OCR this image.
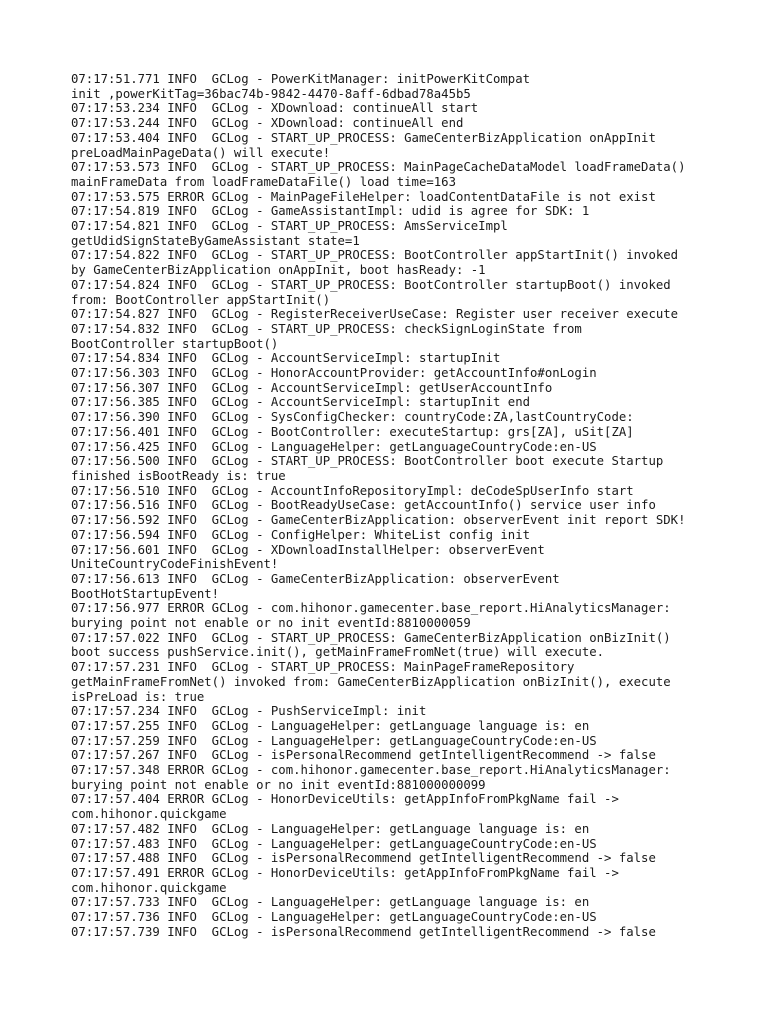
07:17:51.771 INFO  GCLog - PowerKitManager: initPowerKitCompat
init ,powerKitTag=36bac74b-9842-4470-8aff-6dbad78a45b5
07:17:53.234 INFO  GCLog - XDownload: continueAll start
07:17:53.244 INFO  GCLog - XDownload: continueAll end
07:17:53.404 INFO  GCLog - START_UP_PROCESS: GameCenterBizApplication onAppInit
preLoadMainPageData() will execute!
07:17:53.573 INFO  GCLog - START_UP_PROCESS: MainPageCacheDataModel loadFrameData()
mainFrameData from loadFrameDataFile() load time=163
07:17:53.575 ERROR GCLog - MainPageFileHelper: loadContentDataFile is not exist
07:17:54.819 INFO  GCLog - GameAssistantImpl: udid is agree for SDK: 1
07:17:54.821 INFO  GCLog - START_UP_PROCESS: AmsServiceImpl
getUdidSignStateByGameAssistant state=1
07:17:54.822 INFO  GCLog - START_UP_PROCESS: BootController appStartInit() invoked
by GameCenterBizApplication onAppInit, boot hasReady: -1
07:17:54.824 INFO  GCLog - START_UP_PROCESS: BootController startupBoot() invoked
from: BootController appStartInit()
07:17:54.827 INFO  GCLog - RegisterReceiverUseCase: Register user receiver execute
07:17:54.832 INFO  GCLog - START_UP_PROCESS: checkSignLoginState from
BootController startupBoot()
07:17:54.834 INFO  GCLog - AccountServiceImpl: startupInit
07:17:56.303 INFO  GCLog - HonorAccountProvider: getAccountInfo#onLogin
07:17:56.307 INFO  GCLog - AccountServiceImpl: getUserAccountInfo
07:17:56.385 INFO  GCLog - AccountServiceImpl: startupInit end
07:17:56.390 INFO  GCLog - SysConfigChecker: countryCode:ZA,lastCountryCode:
07:17:56.401 INFO  GCLog - BootController: executeStartup: grs[ZA], uSit[ZA]
07:17:56.425 INFO  GCLog - LanguageHelper: getLanguageCountryCode:en-US
07:17:56.500 INFO  GCLog - START_UP_PROCESS: BootController boot execute Startup
finished isBootReady is: true
07:17:56.510 INFO  GCLog - AccountInfoRepositoryImpl: deCodeSpUserInfo start
07:17:56.516 INFO  GCLog - BootReadyUseCase: getAccountInfo() service user info
07:17:56.592 INFO  GCLog - GameCenterBizApplication: observerEvent init report SDK!
07:17:56.594 INFO  GCLog - ConfigHelper: WhiteList config init
07:17:56.601 INFO  GCLog - XDownloadInstallHelper: observerEvent
UniteCountryCodeFinishEvent!
07:17:56.613 INFO  GCLog - GameCenterBizApplication: observerEvent
BootHotStartupEvent!
07:17:56.977 ERROR GCLog - com.hihonor.gamecenter.base_report.HiAnalyticsManager:
burying point not enable or no init eventId:8810000059
07:17:57.022 INFO  GCLog - START_UP_PROCESS: GameCenterBizApplication onBizInit()
boot success pushService.init(), getMainFrameFromNet(true) will execute.
07:17:57.231 INFO  GCLog - START_UP_PROCESS: MainPageFrameRepository
getMainFrameFromNet() invoked from: GameCenterBizApplication onBizInit(), execute
isPreLoad is: true
07:17:57.234 INFO  GCLog - PushServiceImpl: init
07:17:57.255 INFO  GCLog - LanguageHelper: getLanguage language is: en
07:17:57.259 INFO  GCLog - LanguageHelper: getLanguageCountryCode:en-US
07:17:57.267 INFO  GCLog - isPersonalRecommend getIntelligentRecommend -> false
07:17:57.348 ERROR GCLog - com.hihonor.gamecenter.base_report.HiAnalyticsManager:
burying point not enable or no init eventId:881000000099
07:17:57.404 ERROR GCLog - HonorDeviceUtils: getAppInfoFromPkgName fail ->
com.hihonor.quickgame
07:17:57.482 INFO  GCLog - LanguageHelper: getLanguage language is: en
07:17:57.483 INFO  GCLog - LanguageHelper: getLanguageCountryCode:en-US
07:17:57.488 INFO  GCLog - isPersonalRecommend getIntelligentRecommend -> false
07:17:57.491 ERROR GCLog - HonorDeviceUtils: getAppInfoFromPkgName fail ->
com.hihonor.quickgame
07:17:57.733 INFO  GCLog - LanguageHelper: getLanguage language is: en
07:17:57.736 INFO  GCLog - LanguageHelper: getLanguageCountryCode:en-US
07:17:57.739 INFO  GCLog - isPersonalRecommend getIntelligentRecommend -> false
